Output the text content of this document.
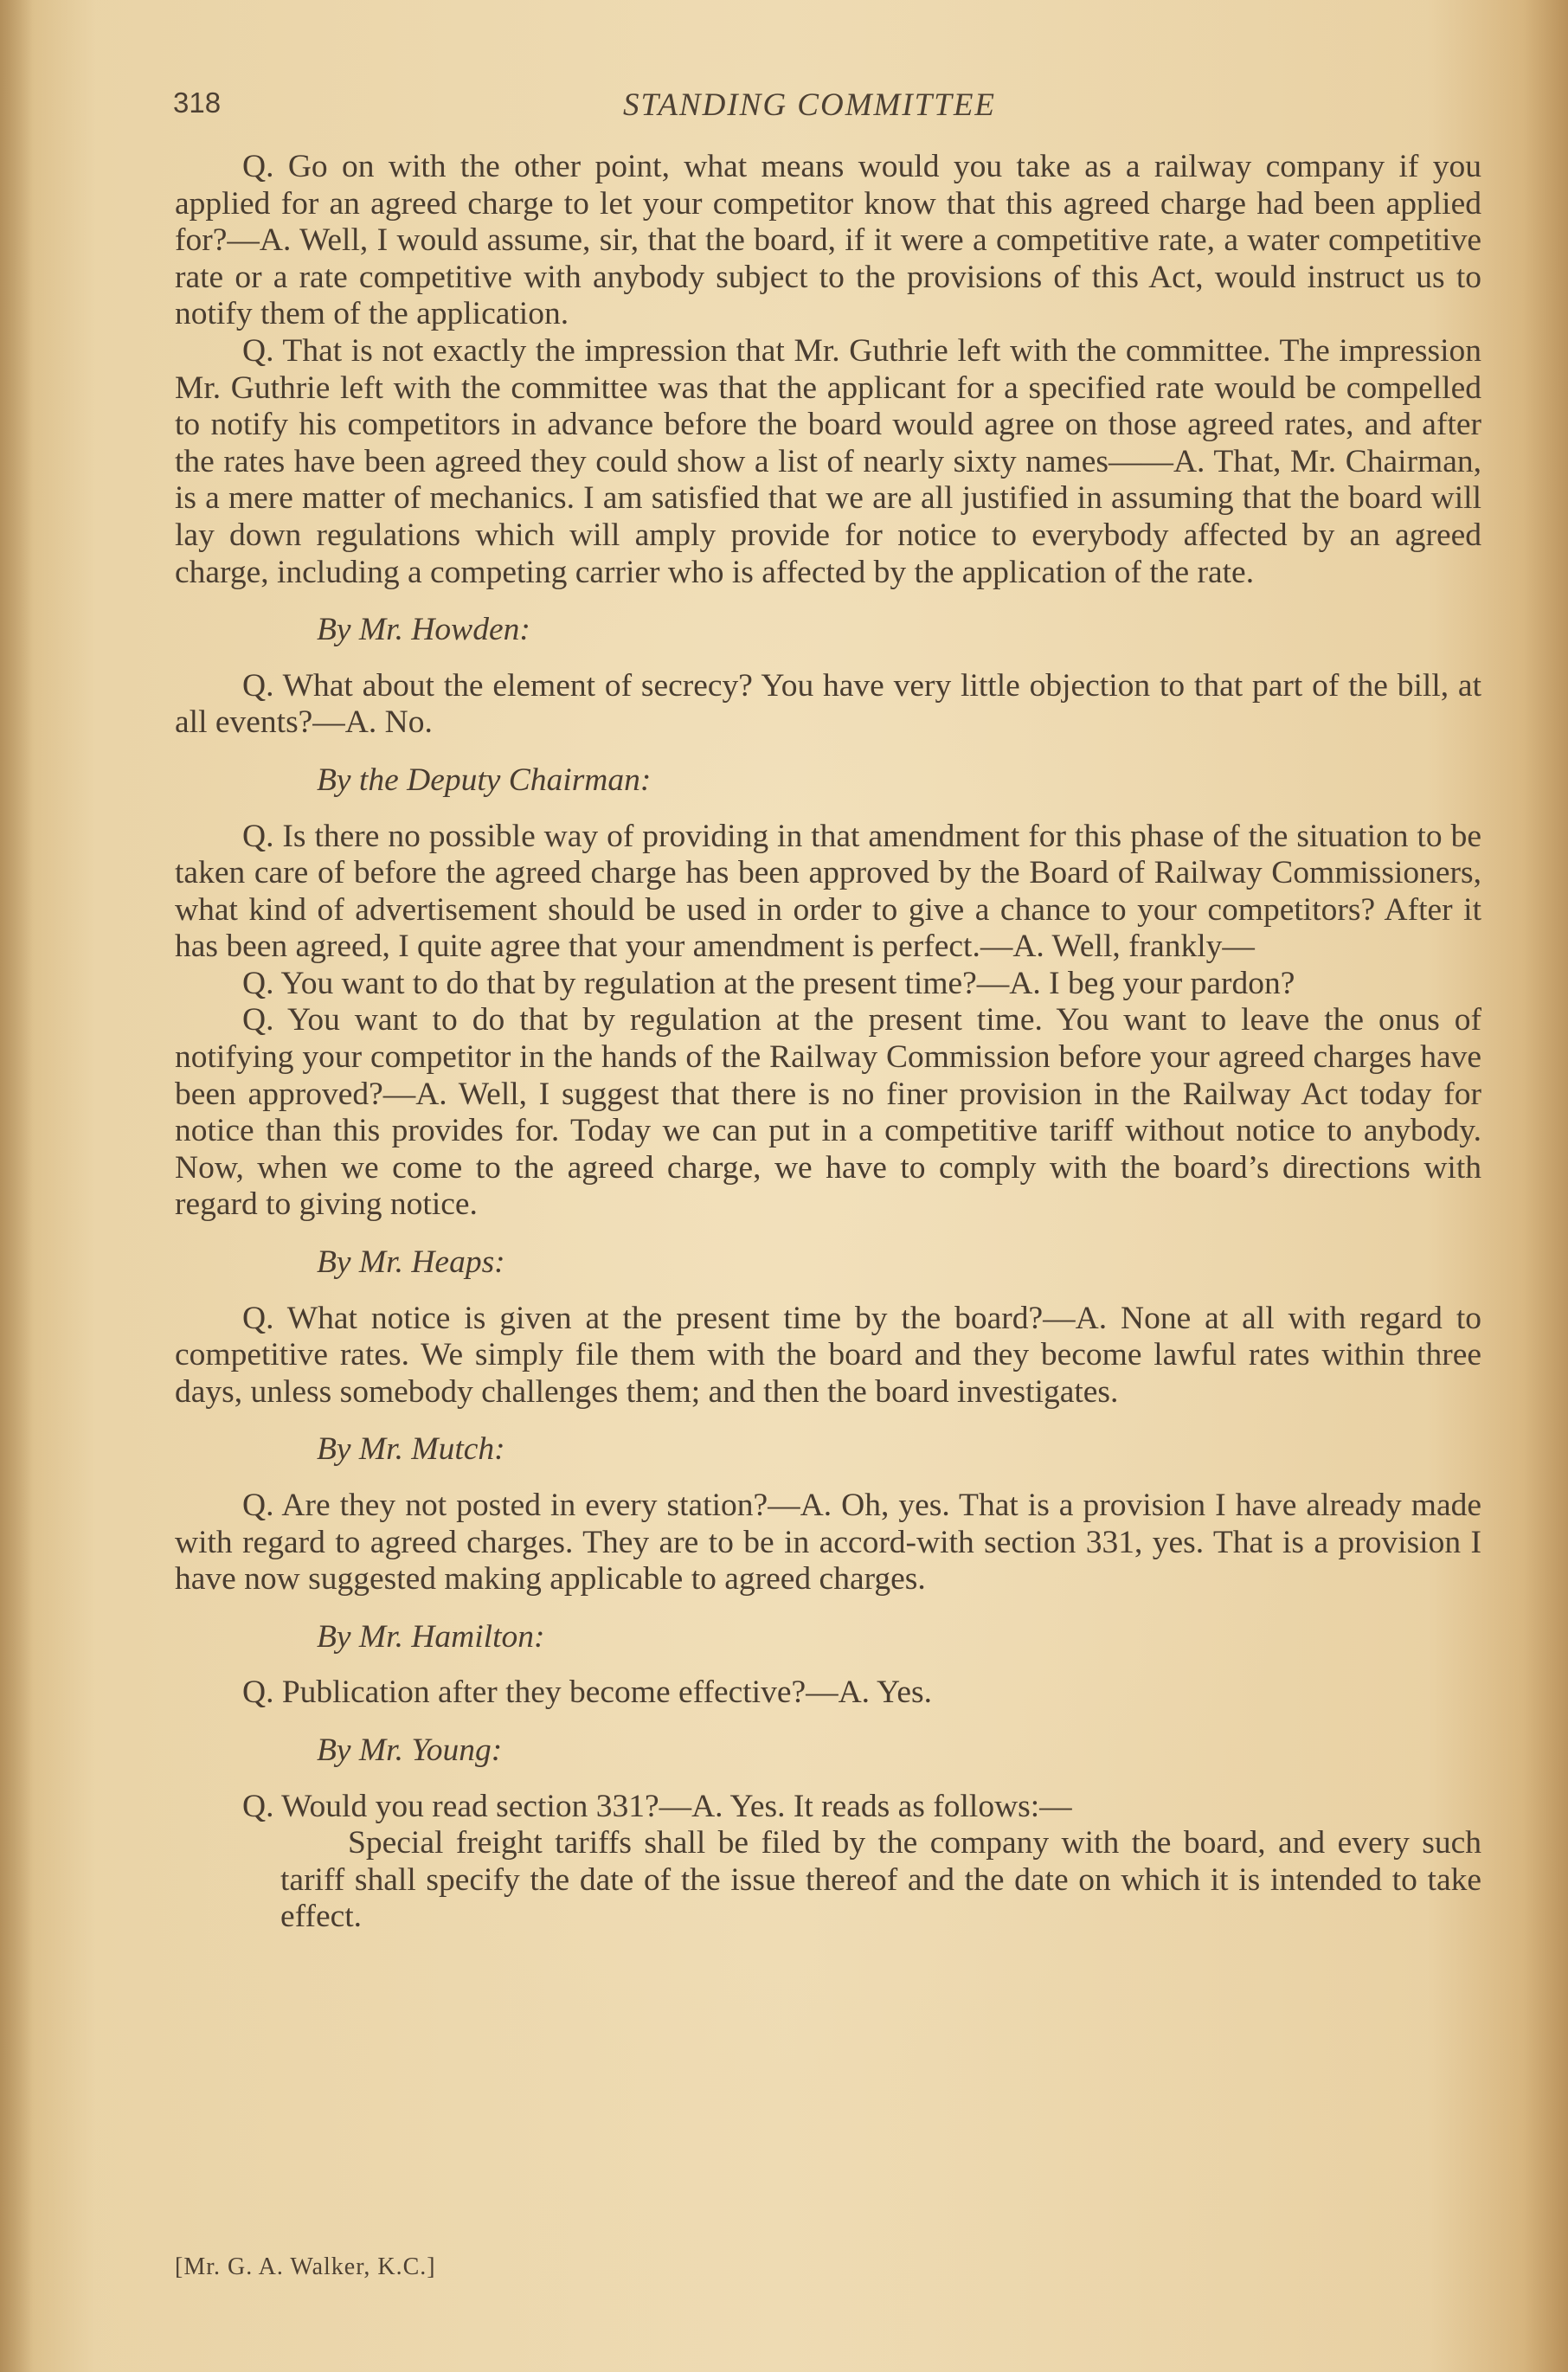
318	STANDING COMMITTEE

Q. Go on with the other point, what means would you take as a railway company if you applied for an agreed charge to let your competitor know that this agreed charge had been applied for?—A. Well, I would assume, sir, that the board, if it were a competitive rate, a water competitive rate or a rate competitive with anybody subject to the provisions of this Act, would instruct us to notify them of the application.

Q. That is not exactly the impression that Mr. Guthrie left with the committee. The impression Mr. Guthrie left with the committee was that the applicant for a specified rate would be compelled to notify his competitors in advance before the board would agree on those agreed rates, and after the rates have been agreed they could show a list of nearly sixty names——A. That, Mr. Chairman, is a mere matter of mechanics. I am satisfied that we are all justified in assuming that the board will lay down regulations which will amply provide for notice to everybody affected by an agreed charge, including a competing carrier who is affected by the application of the rate.

By Mr. Howden:

Q. What about the element of secrecy? You have very little objection to that part of the bill, at all events?—A. No.

By the Deputy Chairman:

Q. Is there no possible way of providing in that amendment for this phase of the situation to be taken care of before the agreed charge has been approved by the Board of Railway Commissioners, what kind of advertisement should be used in order to give a chance to your competitors? After it has been agreed, I quite agree that your amendment is perfect.—A. Well, frankly—

Q. You want to do that by regulation at the present time?—A. I beg your pardon?

Q. You want to do that by regulation at the present time. You want to leave the onus of notifying your competitor in the hands of the Railway Commission before your agreed charges have been approved?—A. Well, I suggest that there is no finer provision in the Railway Act today for notice than this provides for. Today we can put in a competitive tariff without notice to anybody. Now, when we come to the agreed charge, we have to comply with the board’s directions with regard to giving notice.

By Mr. Heaps:

Q. What notice is given at the present time by the board?—A. None at all with regard to competitive rates. We simply file them with the board and they become lawful rates within three days, unless somebody challenges them; and then the board investigates.

By Mr. Mutch:

Q. Are they not posted in every station?—A. Oh, yes. That is a provision I have already made with regard to agreed charges. They are to be in accord-with section 331, yes. That is a provision I have now suggested making applicable to agreed charges.

By Mr. Hamilton:

Q. Publication after they become effective?—A. Yes.

By Mr. Young:

Q. Would you read section 331?—A. Yes. It reads as follows:—

Special freight tariffs shall be filed by the company with the board, and every such tariff shall specify the date of the issue thereof and the date on which it is intended to take effect.

[Mr. G. A. Walker, K.C.]
